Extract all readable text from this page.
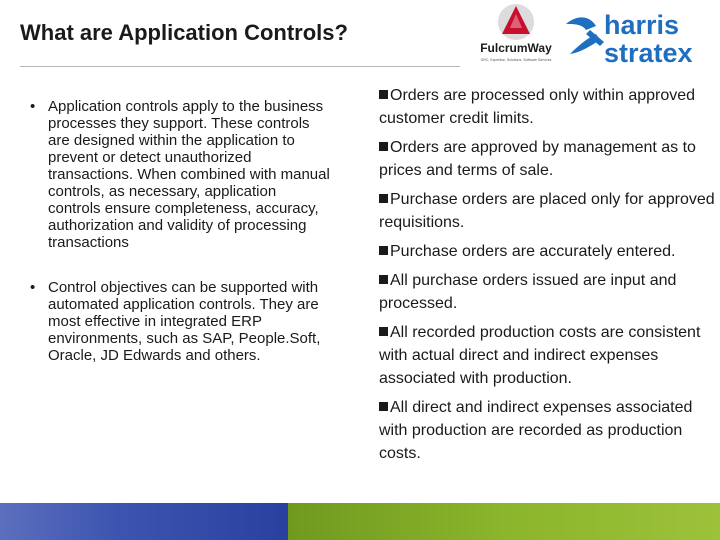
What are Application Controls?
FulcrumWay
GRC, Expertise, Solutions, Software Services
harris
stratex
• Application controls apply to the business processes they support. These controls are designed within the application to prevent or detect unauthorized transactions. When combined with manual controls, as necessary, application controls ensure completeness, accuracy, authorization and validity of processing transactions
• Control objectives can be supported with automated application controls. They are most effective in integrated ERP environments, such as SAP, People.Soft, Oracle, JD Edwards and others.
Orders are processed only within approved customer credit limits.
Orders are approved by management as to prices and terms of sale.
Purchase orders are placed only for approved requisitions.
Purchase orders are accurately entered.
All purchase orders issued are input and processed.
All recorded production costs are consistent with actual direct and indirect expenses associated with production.
All direct and indirect expenses associated with production are recorded as production costs.
